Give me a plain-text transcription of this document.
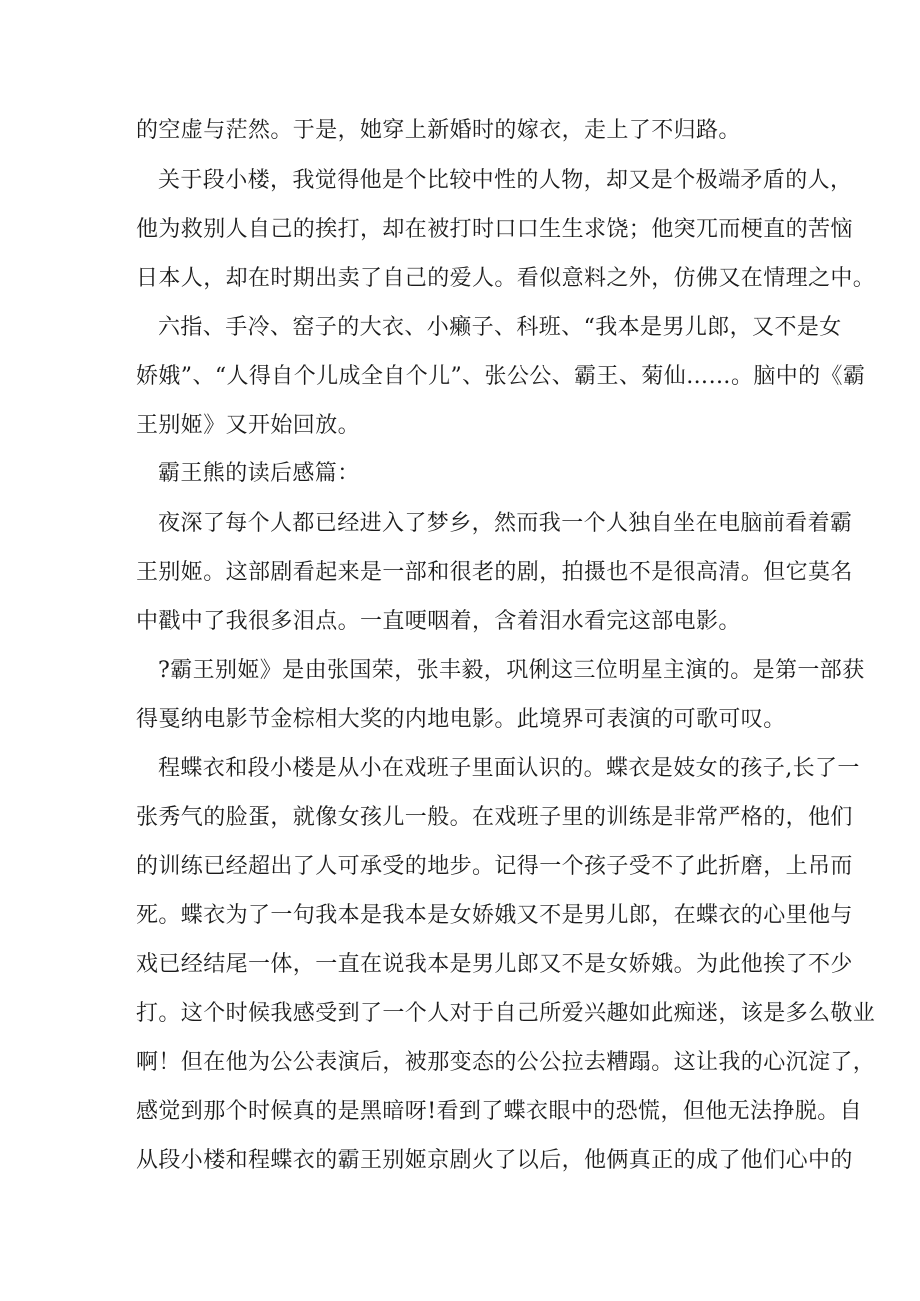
的空虚与茫然。于是，她穿上新婚时的嫁衣，走上了不归路。
关于段小楼，我觉得他是个比较中性的人物，却又是个极端矛盾的人，
他为救别人自己的挨打，却在被打时口口生生求饶；他突兀而梗直的苦恼
日本人，却在时期出卖了自己的爱人。看似意料之外，仿佛又在情理之中。
六指、手冷、窑子的大衣、小癞子、科班、“我本是男儿郎，又不是女
娇娥”、“人得自个儿成全自个儿”、张公公、霸王、菊仙……。脑中的《霸
王别姬》又开始回放。
霸王熊的读后感篇：
夜深了每个人都已经进入了梦乡，然而我一个人独自坐在电脑前看着霸
王别姬。这部剧看起来是一部和很老的剧，拍摄也不是很高清。但它莫名
中戳中了我很多泪点。一直哽咽着，含着泪水看完这部电影。
?霸王别姬》是由张国荣，张丰毅，巩俐这三位明星主演的。是第一部获
得戛纳电影节金棕相大奖的内地电影。此境界可表演的可歌可叹。
程蝶衣和段小楼是从小在戏班子里面认识的。蝶衣是妓女的孩子,长了一
张秀气的脸蛋，就像女孩儿一般。在戏班子里的训练是非常严格的，他们
的训练已经超出了人可承受的地步。记得一个孩子受不了此折磨，上吊而
死。蝶衣为了一句我本是我本是女娇娥又不是男儿郎，在蝶衣的心里他与
戏已经结尾一体，一直在说我本是男儿郎又不是女娇娥。为此他挨了不少
打。这个时候我感受到了一个人对于自己所爱兴趣如此痴迷，该是多么敬业
啊！但在他为公公表演后，被那变态的公公拉去糟蹋。这让我的心沉淀了，
感觉到那个时候真的是黑暗呀!看到了蝶衣眼中的恐慌，但他无法挣脱。自
从段小楼和程蝶衣的霸王别姬京剧火了以后，他俩真正的成了他们心中的
